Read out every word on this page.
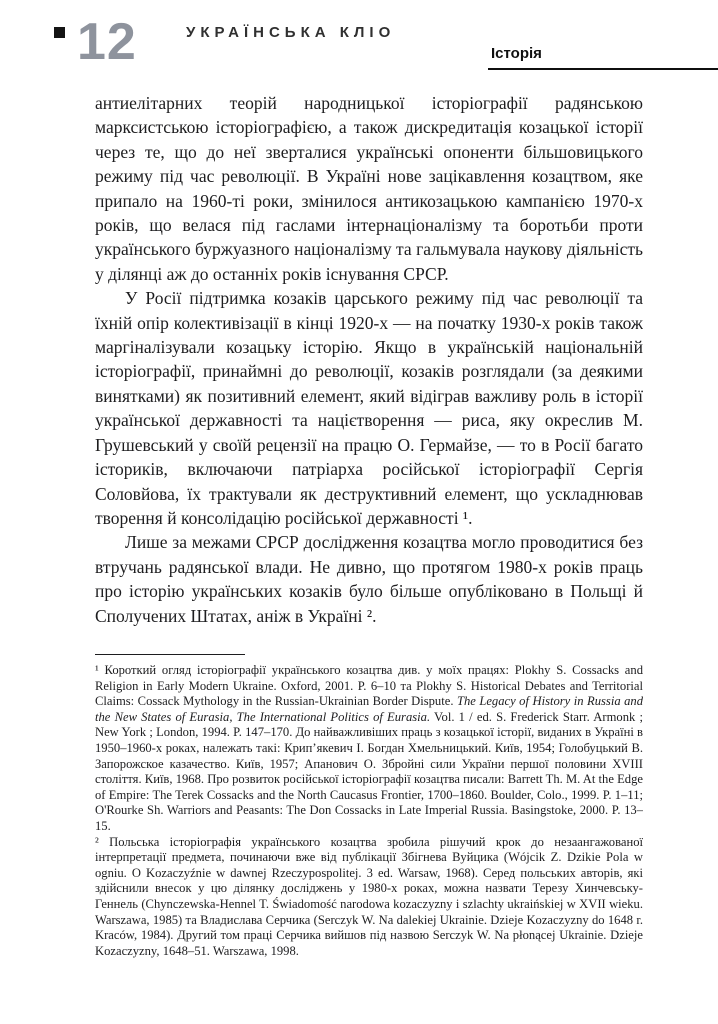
12	УКРАЇНСЬКА КЛІО
Історія

антиелітарних теорій народницької історіографії радянською марксистською історіографією, а також дискредитація козацької історії через те, що до неї зверталися українські опоненти більшовицького режиму під час революції. В Україні нове зацікавлення козацтвом, яке припало на 1960-ті роки, змінилося антикозацькою кампанією 1970-х років, що велася під гаслами інтернаціоналізму та боротьби проти українського буржуазного націоналізму та гальмувала наукову діяльність у ділянці аж до останніх років існування СРСР.

У Росії підтримка козаків царського режиму під час революції та їхній опір колективізації в кінці 1920-х — на початку 1930-х років також маргіналізували козацьку історію. Якщо в українській національній історіографії, принаймні до революції, козаків розглядали (за деякими винятками) як позитивний елемент, який відіграв важливу роль в історії української державності та націєтворення — риса, яку окреслив М. Грушевський у своїй рецензії на працю О. Гермайзе, — то в Росії багато істориків, включаючи патріарха російської історіографії Сергія Соловйова, їх трактували як деструктивний елемент, що ускладнював творення й консолідацію російської державності ¹.

Лише за межами СРСР дослідження козацтва могло проводитися без втручань радянської влади. Не дивно, що протягом 1980-х років праць про історію українських козаків було більше опубліковано в Польщі й Сполучених Штатах, аніж в Україні ².

¹ Короткий огляд історіографії українського козацтва див. у моїх працях: Plokhy S. Cossacks and Religion in Early Modern Ukraine. Oxford, 2001. P. 6–10 та Plokhy S. Historical Debates and Territorial Claims: Cossack Mythology in the Russian-Ukrainian Border Dispute. The Legacy of History in Russia and the New States of Eurasia, The International Politics of Eurasia. Vol. 1 / ed. S. Frederick Starr. Armonk ; New York ; London, 1994. P. 147–170. До найважливіших праць з козацької історії, виданих в Україні в 1950–1960-х роках, належать такі: Крип’якевич І. Богдан Хмельницький. Київ, 1954; Голобуцький В. Запорожское казачество. Київ, 1957; Апанович О. Збройні сили України першої половини XVIII століття. Київ, 1968. Про розвиток російської історіографії козацтва писали: Barrett Th. M. At the Edge of Empire: The Terek Cossacks and the North Caucasus Frontier, 1700–1860. Boulder, Colo., 1999. P. 1–11; O'Rourke Sh. Warriors and Peasants: The Don Cossacks in Late Imperial Russia. Basingstoke, 2000. P. 13–15.

² Польська історіографія українського козацтва зробила рішучий крок до незаангажованої інтерпретації предмета, починаючи вже від публікації Збігнева Вуйцика (Wójcik Z. Dzikie Pola w ogniu. O Kozaczyźnie w dawnej Rzeczypospolitej. 3 ed. Warsaw, 1968). Серед польських авторів, які здійснили внесок у цю ділянку досліджень у 1980-х роках, можна назвати Терезу Хинчевську-Геннель (Chynczewska-Hennel T. Świadomość narodowa kozaczyzny i szlachty ukraińskiej w XVII wieku. Warszawa, 1985) та Владислава Серчика (Serczyk W. Na dalekiej Ukrainie. Dzieje Kozaczyzny do 1648 r. Kraców, 1984). Другий том праці Серчика вийшов під назвою Serczyk W. Na płonącej Ukrainie. Dzieje Kozaczyzny, 1648–51. Warszawa, 1998.
